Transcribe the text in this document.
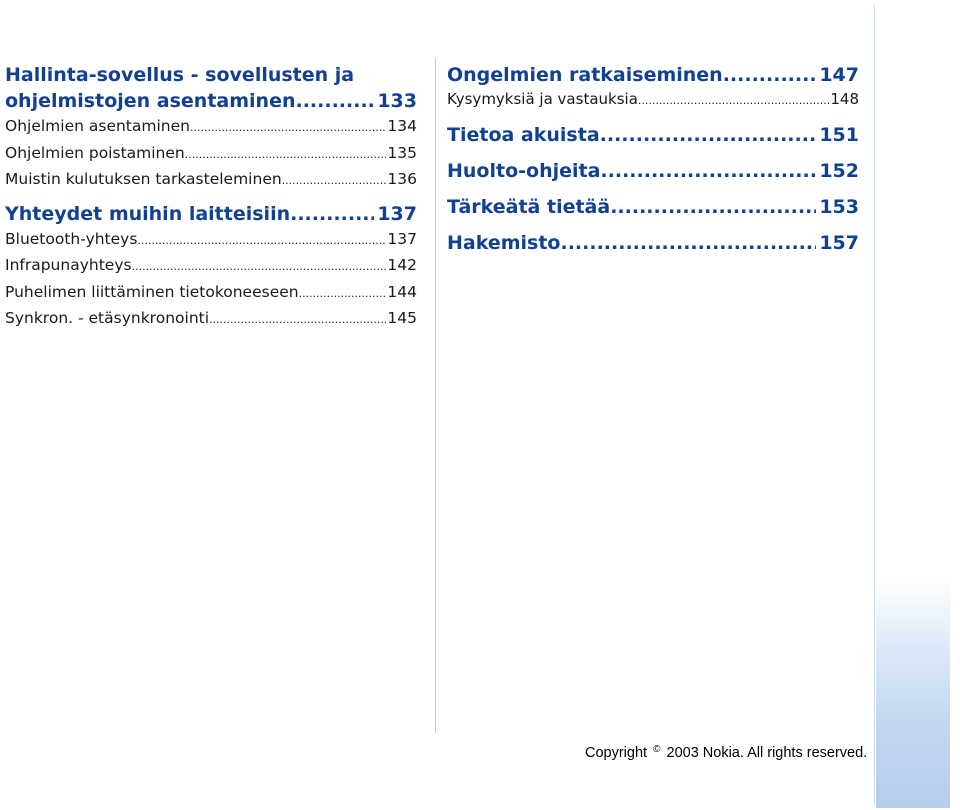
Hallinta-sovellus - sovellusten ja
ohjelmistojen asentaminen .....	133
Ohjelmien asentaminen .....	134
Ohjelmien poistaminen .....	135
Muistin kulutuksen tarkasteleminen .....	136
Yhteydet muihin laitteisiin .....	137
Bluetooth-yhteys .....	137
Infrapunayhteys .....	142
Puhelimen liittäminen tietokoneeseen .....	144
Synkron. - etäsynkronointi .....	145
Ongelmien ratkaiseminen .....	147
Kysymyksiä ja vastauksia .....	148
Tietoa akuista .....	151
Huolto-ohjeita .....	152
Tärkeätä tietää .....	153
Hakemisto .....	157
Copyright © 2003 Nokia. All rights reserved.
